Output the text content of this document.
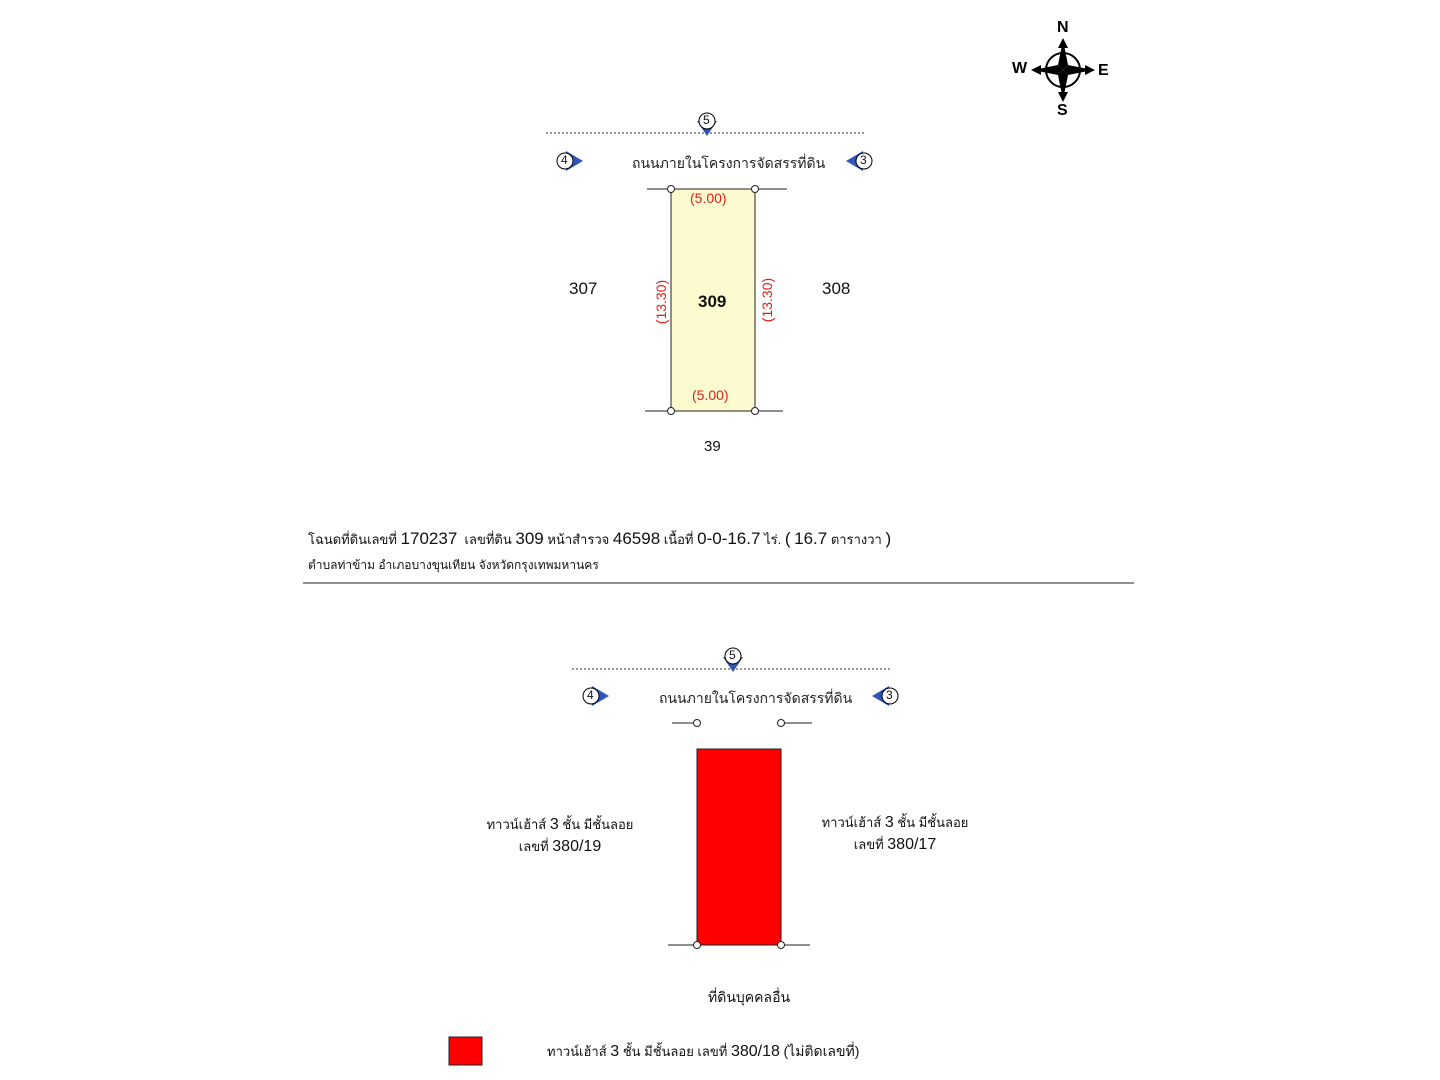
N
S
W	E
5
4	3
ถนนภายในโครงการจัดสรรที่ดิน
(5.00)
(5.00)
(13.30)	(13.30)
309
307	308
39
โฉนดที่ดินเลขที่ 170237 เลขที่ดิน 309 หน้าสำรวจ 46598 เนื้อที่ 0-0-16.7 ไร่. ( 16.7 ตารางวา )
ตำบลท่าข้าม อำเภอบางขุนเทียน จังหวัดกรุงเทพมหานคร
5
4	3
ถนนภายในโครงการจัดสรรที่ดิน
ทาวน์เฮ้าส์ 3 ชั้น มีชั้นลอย
เลขที่ 380/19
ทาวน์เฮ้าส์ 3 ชั้น มีชั้นลอย
เลขที่ 380/17
ที่ดินบุคคลอื่น
ทาวน์เฮ้าส์ 3 ชั้น มีชั้นลอย เลขที่ 380/18 (ไม่ติดเลขที่)
